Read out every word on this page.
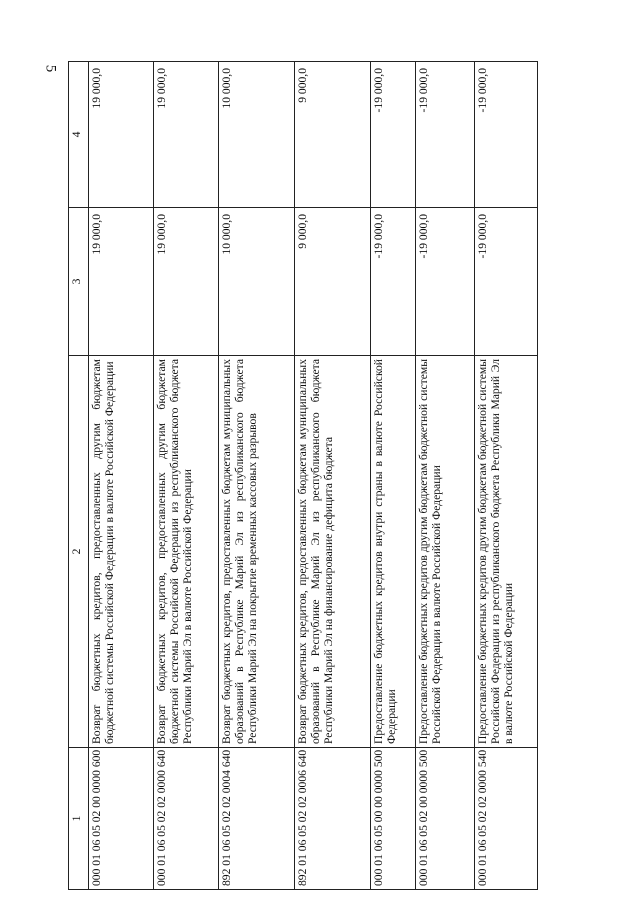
5
1	2	3	4
000 01 06 05 02 00 0000 600	Возврат бюджетных кредитов, предоставленных другим бюджетам бюджетной системы Российской Федерации в валюте Российской Федерации	19 000,0	19 000,0
000 01 06 05 02 02 0000 640	Возврат бюджетных кредитов, предоставленных другим бюджетам бюджетной системы Российской Федерации из республиканского бюджета Республики Марий Эл в валюте Российской Федерации	19 000,0	19 000,0
892 01 06 05 02 02 0004 640	Возврат бюджетных кредитов, предоставленных бюджетам муниципальных образований в Республике Марий Эл из республиканского бюджета Республики Марий Эл на покрытие временных кассовых разрывов	10 000,0	10 000,0
892 01 06 05 02 02 0006 640	Возврат бюджетных кредитов, предоставленных бюджетам муниципальных образований в Республике Марий Эл из республиканского бюджета Республики Марий Эл на финансирование дефицита бюджета	9 000,0	9 000,0
000 01 06 05 00 00 0000 500	Предоставление бюджетных кредитов внутри страны в валюте Российской Федерации	-19 000,0	-19 000,0
000 01 06 05 02 00 0000 500	Предоставление бюджетных кредитов другим бюджетам бюджетной системы Российской Федерации в валюте Российской Федерации	-19 000,0	-19 000,0
000 01 06 05 02 02 0000 540	Предоставление бюджетных кредитов другим бюджетам бюджетной системы Российской Федерации из республиканского бюджета Республики Марий Эл в валюте Российской Федерации	-19 000,0	-19 000,0
